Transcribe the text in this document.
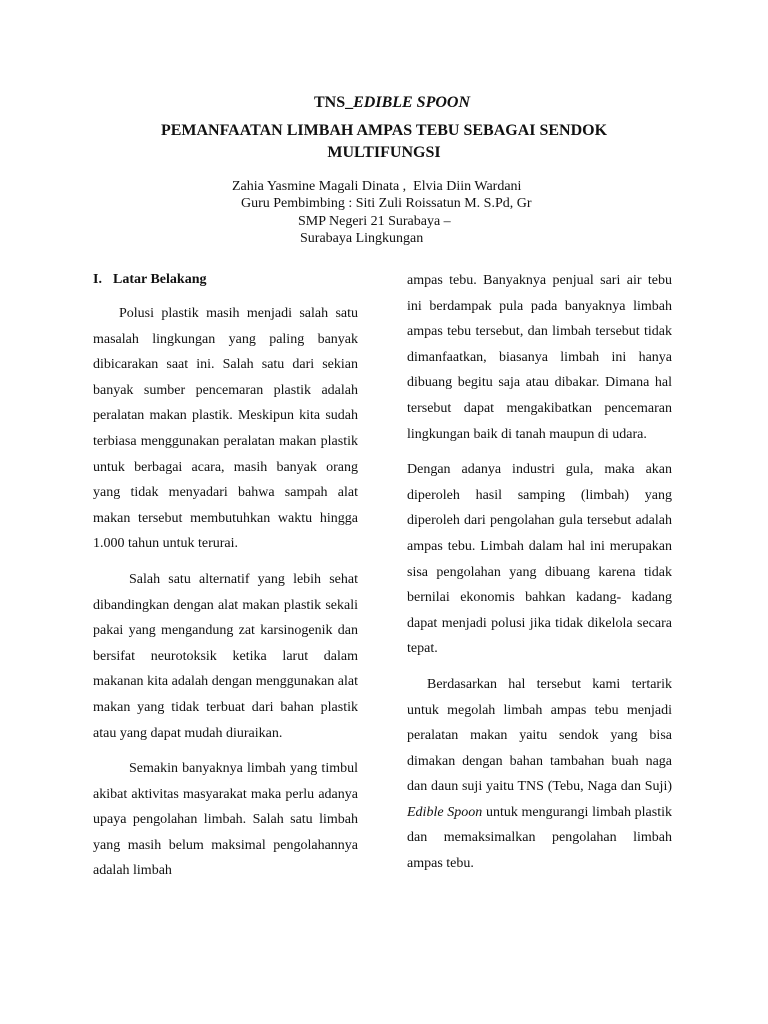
TNS_EDIBLE SPOON
PEMANFAATAN LIMBAH AMPAS TEBU SEBAGAI SENDOK
MULTIFUNGSI
Zahia Yasmine Magali Dinata ,  Elvia Diin Wardani
Guru Pembimbing : Siti Zuli Roissatun M. S.Pd, Gr
SMP Negeri 21 Surabaya –
Surabaya Lingkungan
I. Latar Belakang

Polusi plastik masih menjadi salah satu masalah lingkungan yang paling banyak dibicarakan saat ini. Salah satu dari sekian banyak sumber pencemaran plastik adalah peralatan makan plastik. Meskipun kita sudah terbiasa menggunakan peralatan makan plastik untuk berbagai acara, masih banyak orang yang tidak menyadari bahwa sampah alat makan tersebut membutuhkan waktu hingga 1.000 tahun untuk terurai.

Salah satu alternatif yang lebih sehat dibandingkan dengan alat makan plastik sekali pakai yang mengandung zat karsinogenik dan bersifat neurotoksik ketika larut dalam makanan kita adalah dengan menggunakan alat makan yang tidak terbuat dari bahan plastik atau yang dapat mudah diuraikan.

Semakin banyaknya limbah yang timbul akibat aktivitas masyarakat maka perlu adanya upaya pengolahan limbah. Salah satu limbah yang masih belum maksimal pengolahannya adalah limbah

ampas tebu. Banyaknya penjual sari air tebu ini berdampak pula pada banyaknya limbah ampas tebu tersebut, dan limbah tersebut tidak dimanfaatkan, biasanya limbah ini hanya dibuang begitu saja atau dibakar. Dimana hal tersebut dapat mengakibatkan pencemaran lingkungan baik di tanah maupun di udara.

Dengan adanya industri gula, maka akan diperoleh hasil samping (limbah) yang diperoleh dari pengolahan gula tersebut adalah ampas tebu. Limbah dalam hal ini merupakan sisa pengolahan yang dibuang karena tidak bernilai ekonomis bahkan kadang- kadang dapat menjadi polusi jika tidak dikelola secara tepat.

Berdasarkan hal tersebut kami tertarik untuk megolah limbah ampas tebu menjadi peralatan makan yaitu sendok yang bisa dimakan dengan bahan tambahan buah naga dan daun suji yaitu TNS (Tebu, Naga dan Suji) Edible Spoon untuk mengurangi limbah plastik dan memaksimalkan pengolahan limbah ampas tebu.
